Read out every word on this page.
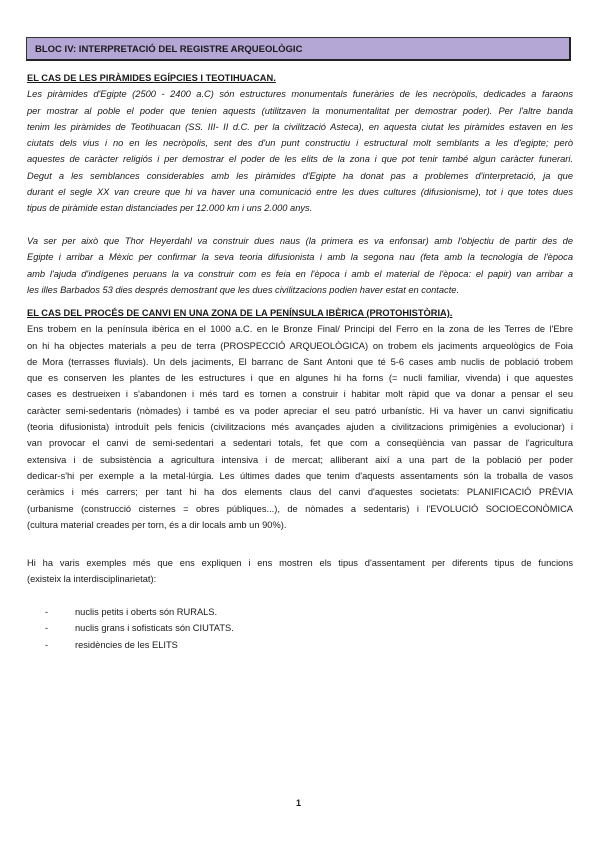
BLOC IV: INTERPRETACIÓ DEL REGISTRE ARQUEOLÒGIC
EL CAS DE LES PIRÀMIDES EGÍPCIES I TEOTIHUACAN.
Les piràmides d'Egipte (2500 - 2400 a.C) són estructures monumentals funeràries de les necròpolis, dedicades a faraons
per mostrar al poble el poder que tenien aquests (utilitzaven la monumentalitat per demostrar poder). Per l'altre banda
tenim les piràmides de Teotihuacan (SS. III- II d.C. per la civilització Asteca), en aquesta ciutat les piràmides estaven en les
ciutats dels vius i no en les necròpolis, sent des d'un punt constructiu i estructural molt semblants a les d'egipte; però
aquestes de caràcter religiós i per demostrar el poder de les elits de la zona i que pot tenir també algun caràcter funerari.
Degut a les semblances considerables amb les piràmides d'Egipte ha donat pas a problemes d'interpretació, ja que
durant el segle XX van creure que hi va haver una comunicació entre les dues cultures (difusionisme), tot i que totes dues
tipus de piràmide estan distanciades per 12.000 km i uns 2.000 anys.
Va ser per això que Thor Heyerdahl va construir dues naus (la primera es va enfonsar) amb l'objectiu de partir des de
Egipte i arribar a Mèxic per confirmar la seva teoria difusionista i amb la segona nau (feta amb la tecnologia de l'època
amb l'ajuda d'indígenes peruans la va construir com es feia en l'època i amb el material de l'època: el papir) van arribar a
les illes Barbados 53 dies després demostrant que les dues civilitzacions podien haver estat en contacte.
EL CAS DEL PROCÉS DE CANVI EN UNA ZONA DE LA PENÍNSULA IBÈRICA (PROTOHISTÒRIA).
Ens trobem en la península ibèrica en el 1000 a.C. en le Bronze Final/ Principi del Ferro en la zona de les Terres de l'Ebre
on hi ha objectes materials a peu de terra (PROSPECCIÓ ARQUEOLÒGICA) on trobem els jaciments arqueològics de Foia
de Mora (terrasses fluvials). Un dels jaciments, El barranc de Sant Antoni que té 5-6 cases amb nuclis de població trobem
que es conserven les plantes de les estructures i que en algunes hi ha forns (= nucli familiar, vivenda) i que aquestes
cases es destrueixen i s'abandonen i més tard es tornen a construir i habitar molt ràpid que va donar a pensar el seu
caràcter semi-sedentaris (nòmades) i també es va poder apreciar el seu patró urbanístic. Hi va haver un canvi significatiu
(teoria difusionista) introduït pels fenicis (civilitzacions més avançades ajuden a civilitzacions primigènies a evolucionar) i
van provocar el canvi de semi-sedentari a sedentari totals, fet que com a conseqüència van passar de l'agricultura
extensiva i de subsistència a agricultura intensiva i de mercat; alliberant així a una part de la població per poder
dedicar-s'hi per exemple a la metal·lúrgia. Les últimes dades que tenim d'aquests assentaments són la troballa de vasos
ceràmics i més carrers; per tant hi ha dos elements claus del canvi d'aquestes societats: PLANIFICACIÓ PRÈVIA
(urbanisme (construcció cisternes = obres públiques...), de nòmades a sedentaris) i l'EVOLUCIÓ SOCIOECONÒMICA
(cultura material creades per torn, és a dir locals amb un 90%).
Hi ha varis exemples més que ens expliquen i ens mostren els tipus d'assentament per diferents tipus de funcions
(existeix la interdisciplinarietat):
-	nuclis petits i oberts són RURALS.
-	nuclis grans i sofisticats són CIUTATS.
-	residències de les ELITS
1
